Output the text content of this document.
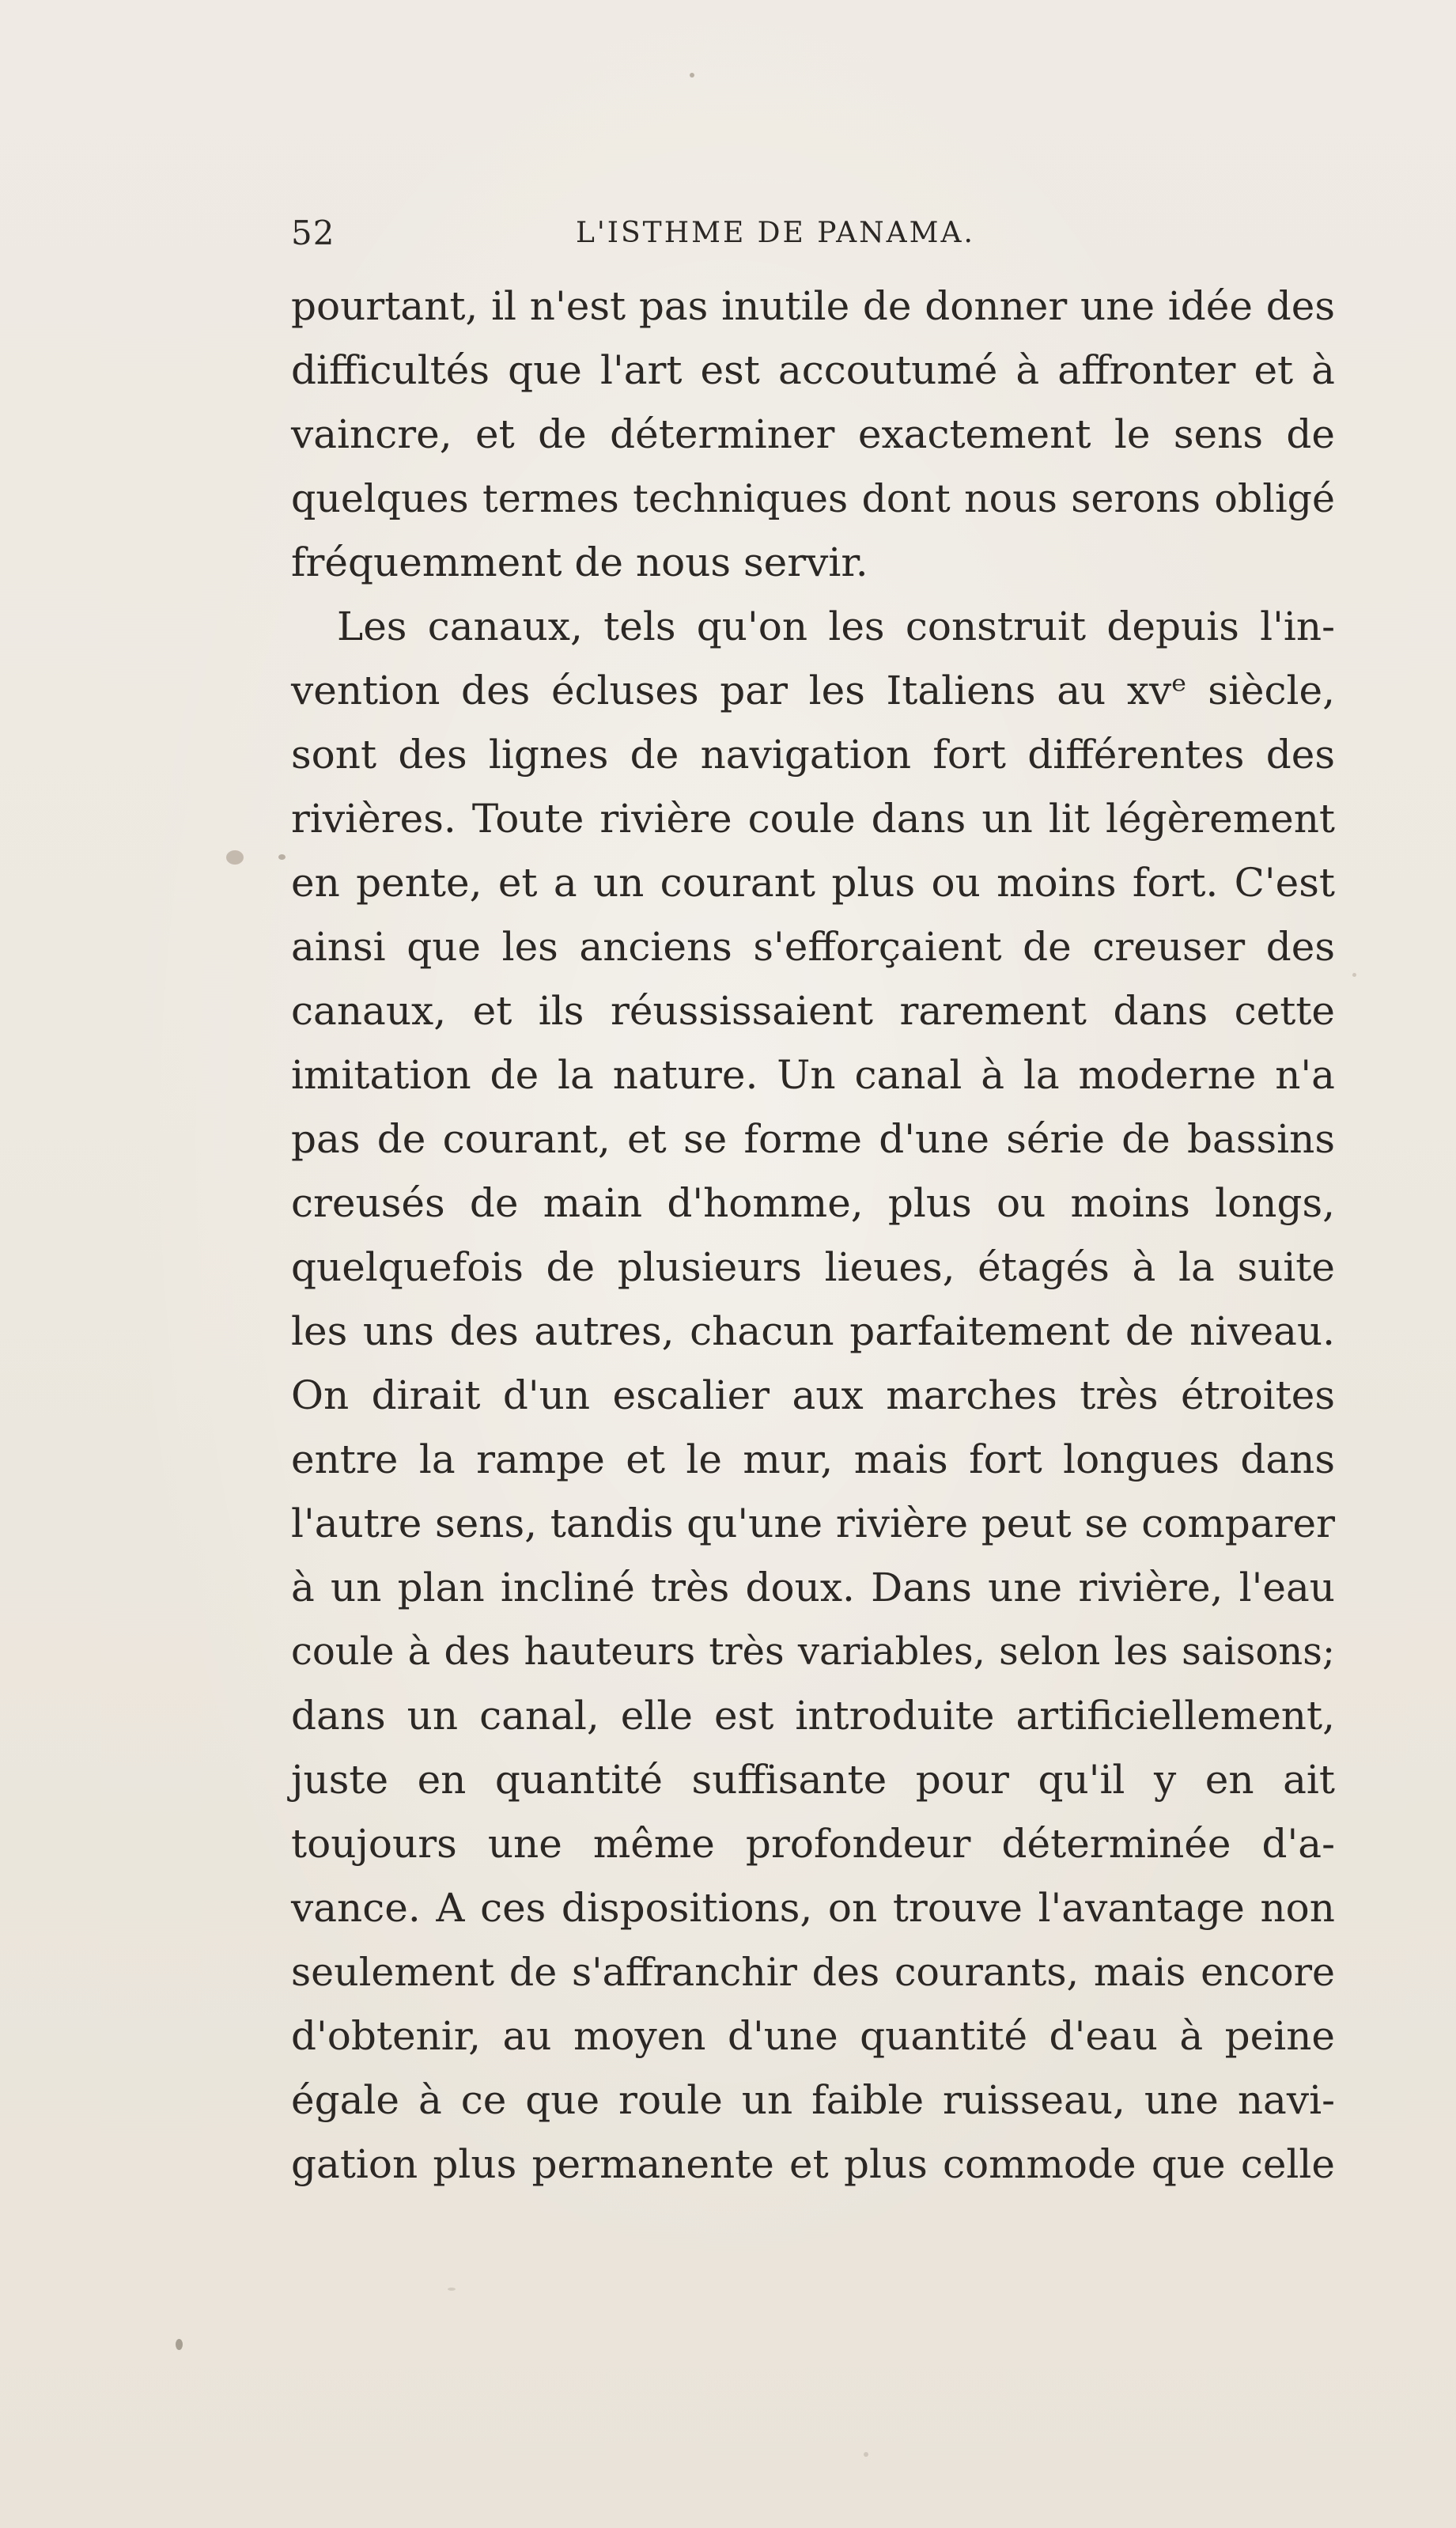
52	L'ISTHME DE PANAMA.
pourtant, il n'est pas inutile de donner une idée des
difficultés que l'art est accoutumé à affronter et à
vaincre, et de déterminer exactement le sens de
quelques termes techniques dont nous serons obligé
fréquemment de nous servir.
Les canaux, tels qu'on les construit depuis l'in-
vention des écluses par les Italiens au xvᵉ siècle,
sont des lignes de navigation fort différentes des
rivières. Toute rivière coule dans un lit légèrement
en pente, et a un courant plus ou moins fort. C'est
ainsi que les anciens s'efforçaient de creuser des
canaux, et ils réussissaient rarement dans cette
imitation de la nature. Un canal à la moderne n'a
pas de courant, et se forme d'une série de bassins
creusés de main d'homme, plus ou moins longs,
quelquefois de plusieurs lieues, étagés à la suite
les uns des autres, chacun parfaitement de niveau.
On dirait d'un escalier aux marches très étroites
entre la rampe et le mur, mais fort longues dans
l'autre sens, tandis qu'une rivière peut se comparer
à un plan incliné très doux. Dans une rivière, l'eau
coule à des hauteurs très variables, selon les saisons;
dans un canal, elle est introduite artificiellement,
juste en quantité suffisante pour qu'il y en ait
toujours une même profondeur déterminée d'a-
vance. A ces dispositions, on trouve l'avantage non
seulement de s'affranchir des courants, mais encore
d'obtenir, au moyen d'une quantité d'eau à peine
égale à ce que roule un faible ruisseau, une navi-
gation plus permanente et plus commode que celle
